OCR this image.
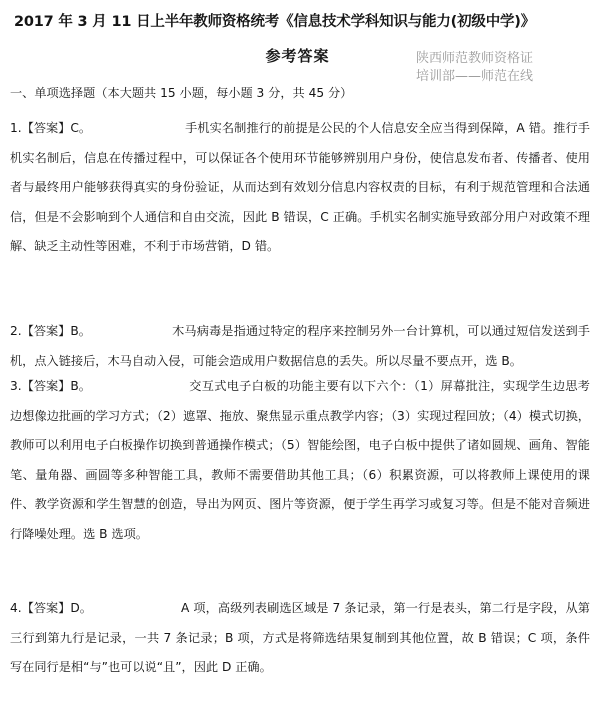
2017 年 3 月 11 日上半年教师资格统考《信息技术学科知识与能力(初级中学)》
参考答案	陕西师范教师资格证
培训部——师范在线
一、单项选择题（本大题共 15 小题，每小题 3 分，共 45 分）
1.【答案】C。	手机实名制推行的前提是公民的个人信息安全应当得到保障，A 错。推行手机实名制后，信息在传播过程中，可以保证各个使用环节能够辨别用户身份，使信息发布者、传播者、使用者与最终用户能够获得真实的身份验证，从而达到有效划分信息内容权责的目标，有利于规范管理和合法通信，但是不会影响到个人通信和自由交流，因此 B 错误，C 正确。手机实名制实施导致部分用户对政策不理解、缺乏主动性等困难，不利于市场营销，D 错。
2.【答案】B。	木马病毒是指通过特定的程序来控制另外一台计算机，可以通过短信发送到手机，点入链接后，木马自动入侵，可能会造成用户数据信息的丢失。所以尽量不要点开，选 B。
3.【答案】B。	交互式电子白板的功能主要有以下六个：（1）屏幕批注，实现学生边思考边想像边批画的学习方式；（2）遮罩、拖放、聚焦显示重点教学内容；（3）实现过程回放；（4）模式切换，教师可以利用电子白板操作切换到普通操作模式；（5）智能绘图，电子白板中提供了诸如圆规、画角、智能笔、量角器、画圆等多种智能工具，教师不需要借助其他工具；（6）积累资源，可以将教师上课使用的课件、教学资源和学生智慧的创造，导出为网页、图片等资源，便于学生再学习或复习等。但是不能对音频进行降噪处理。选 B 选项。
4.【答案】D。	A 项，高级列表刷选区域是 7 条记录，第一行是表头，第二行是字段，从第三行到第九行是记录，一共 7 条记录；B 项，方式是将筛选结果复制到其他位置，故 B 错误；C 项，条件写在同行是相“与”也可以说“且”，因此 D 正确。
